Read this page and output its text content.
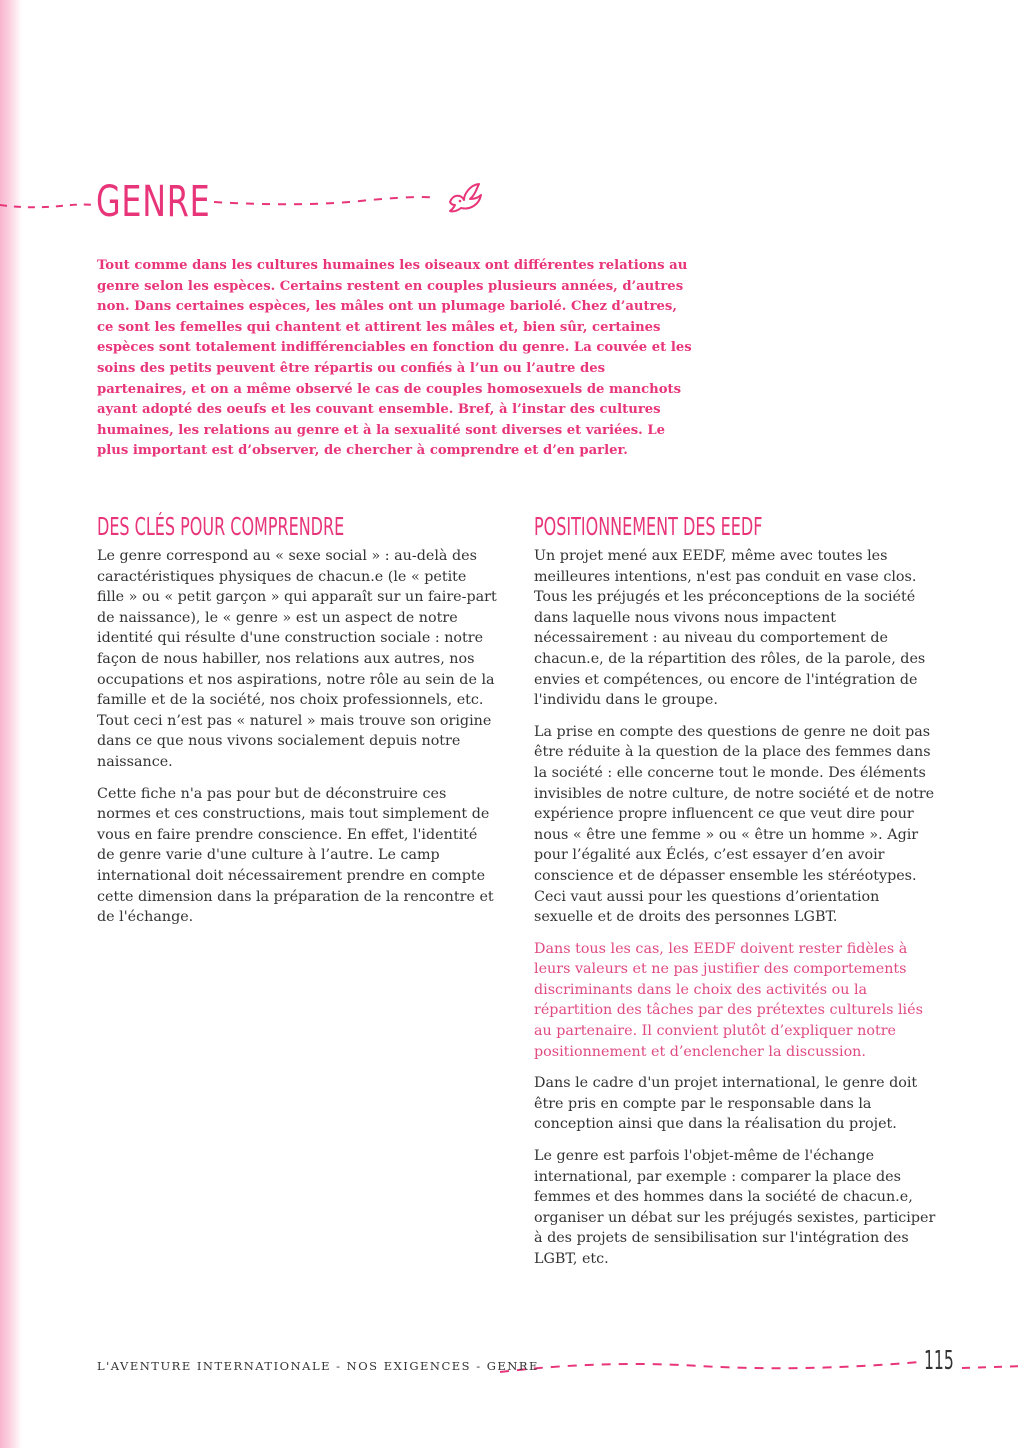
GENRE

Tout comme dans les cultures humaines les oiseaux ont différentes relations au genre selon les espèces. Certains restent en couples plusieurs années, d’autres non. Dans certaines espèces, les mâles ont un plumage bariolé. Chez d’autres, ce sont les femelles qui chantent et attirent les mâles et, bien sûr, certaines espèces sont totalement indifférenciables en fonction du genre. La couvée et les soins des petits peuvent être répartis ou confiés à l’un ou l’autre des partenaires, et on a même observé le cas de couples homosexuels de manchots ayant adopté des oeufs et les couvant ensemble. Bref, à l’instar des cultures humaines, les relations au genre et à la sexualité sont diverses et variées. Le plus important est d’observer, de chercher à comprendre et d’en parler.

DES CLÉS POUR COMPRENDRE

Le genre correspond au « sexe social » : au-delà des caractéristiques physiques de chacun.e (le « petite fille » ou « petit garçon » qui apparaît sur un faire-part de naissance), le « genre » est un aspect de notre identité qui résulte d'une construction sociale : notre façon de nous habiller, nos relations aux autres, nos occupations et nos aspirations, notre rôle au sein de la famille et de la société, nos choix professionnels, etc. Tout ceci n’est pas « naturel » mais trouve son origine dans ce que nous vivons socialement depuis notre naissance.

Cette fiche n'a pas pour but de déconstruire ces normes et ces constructions, mais tout simplement de vous en faire prendre conscience. En effet, l'identité de genre varie d'une culture à l’autre. Le camp international doit nécessairement prendre en compte cette dimension dans la préparation de la rencontre et de l'échange.

POSITIONNEMENT DES EEDF

Un projet mené aux EEDF, même avec toutes les meilleures intentions, n'est pas conduit en vase clos. Tous les préjugés et les préconceptions de la société dans laquelle nous vivons nous impactent nécessairement : au niveau du comportement de chacun.e, de la répartition des rôles, de la parole, des envies et compétences, ou encore de l'intégration de l'individu dans le groupe.

La prise en compte des questions de genre ne doit pas être réduite à la question de la place des femmes dans la société : elle concerne tout le monde. Des éléments invisibles de notre culture, de notre société et de notre expérience propre influencent ce que veut dire pour nous « être une femme » ou « être un homme ». Agir pour l’égalité aux Éclés, c’est essayer d’en avoir conscience et de dépasser ensemble les stéréotypes. Ceci vaut aussi pour les questions d’orientation sexuelle et de droits des personnes LGBT.

Dans tous les cas, les EEDF doivent rester fidèles à leurs valeurs et ne pas justifier des comportements discriminants dans le choix des activités ou la répartition des tâches par des prétextes culturels liés au partenaire. Il convient plutôt d’expliquer notre positionnement et d’enclencher la discussion.

Dans le cadre d'un projet international, le genre doit être pris en compte par le responsable dans la conception ainsi que dans la réalisation du projet.

Le genre est parfois l'objet-même de l'échange international, par exemple : comparer la place des femmes et des hommes dans la société de chacun.e, organiser un débat sur les préjugés sexistes, participer à des projets de sensibilisation sur l'intégration des LGBT, etc.

L'AVENTURE INTERNATIONALE - NOS EXIGENCES - GENRE	115
